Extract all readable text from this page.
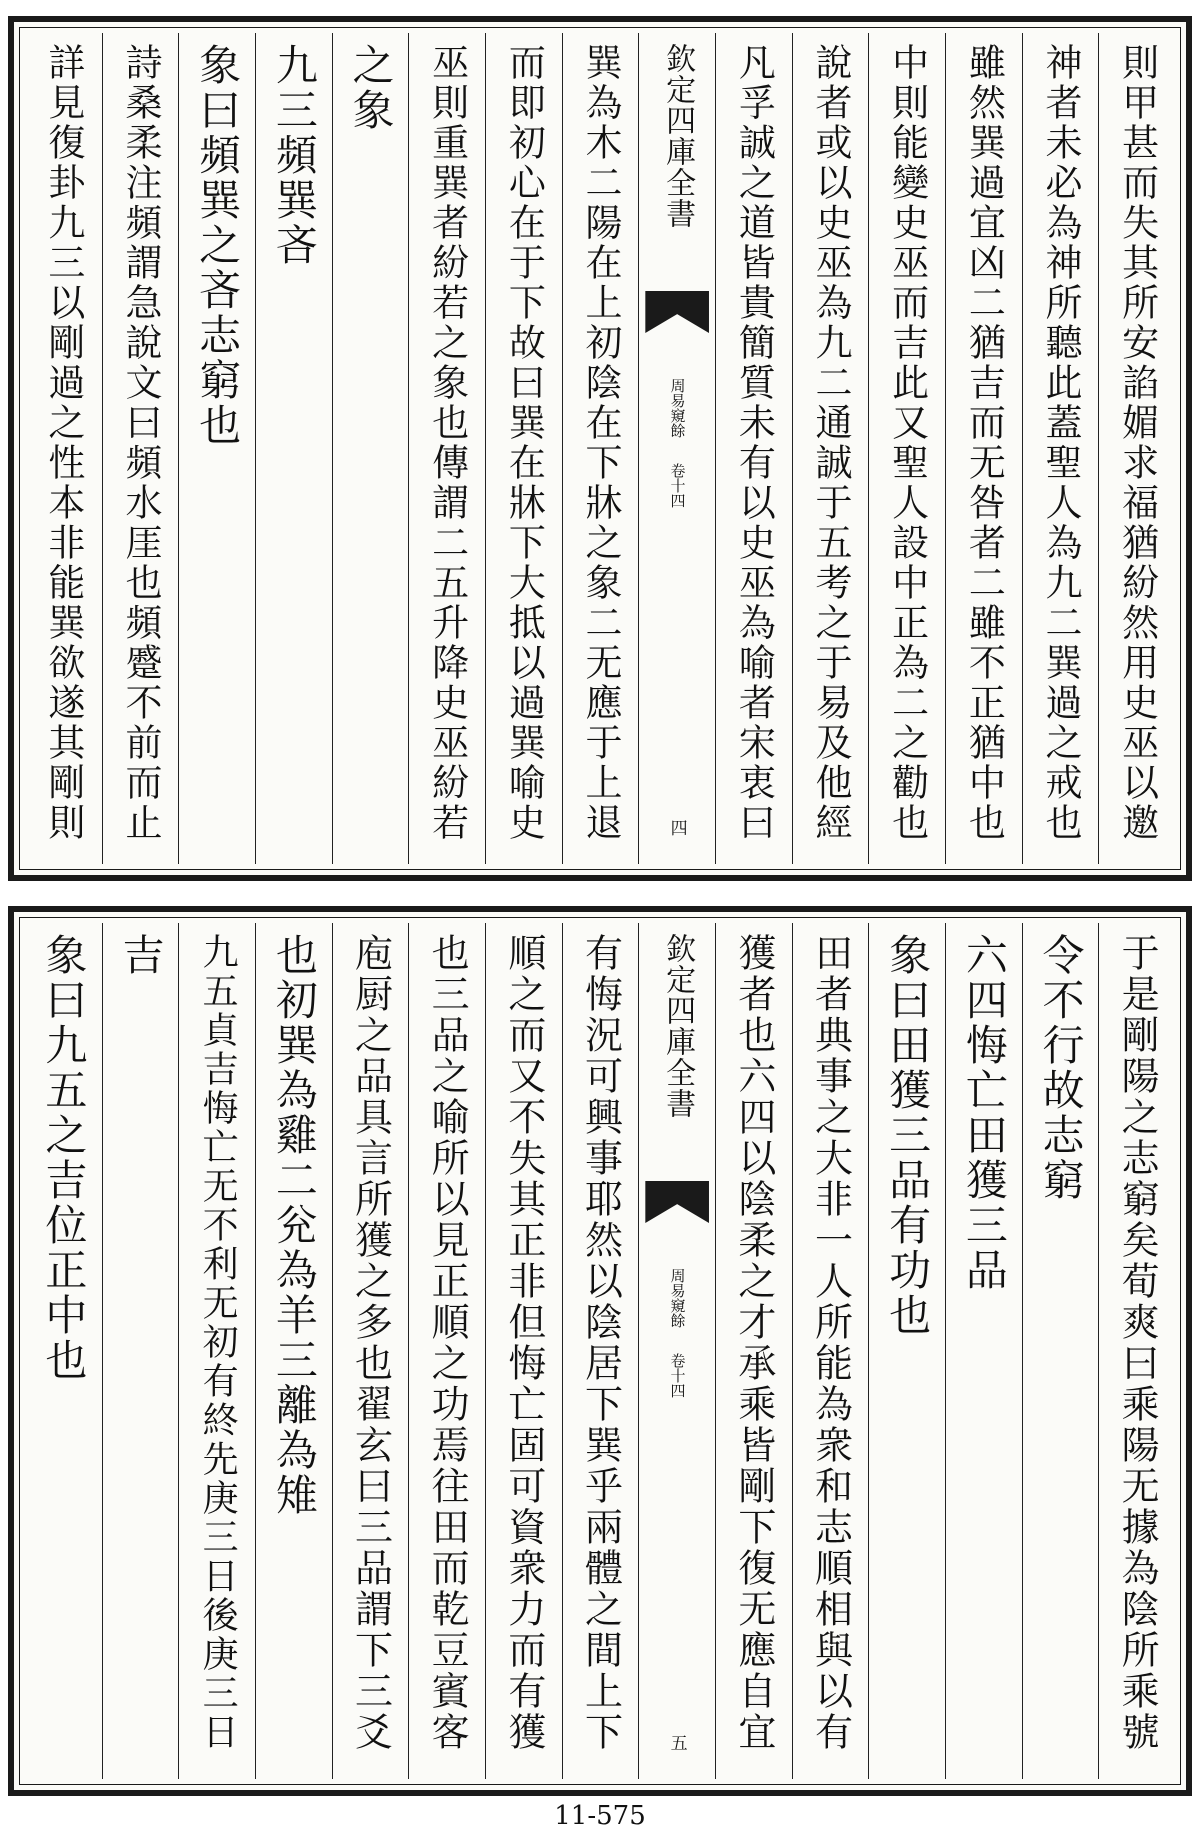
詳見復卦九三以剛過之性本非能巽欲遂其剛則 詩桑柔注頻謂急說文曰頻水厓也頻蹙不前而止 象曰頻巽之吝志窮也 九三頻巽吝 之象 巫則重巽者紛若之象也傳謂二五升降史巫紛若 而即初心在于下故曰巽在牀下大抵以過巽喻史 巽為木二陽在上初陰在下牀之象二无應于上退 欽定四庫全書
周易窺餘
卷十四
四 凡孚誠之道皆貴簡質未有以史巫為喻者宋衷曰 說者或以史巫為九二通誠于五考之于易及他經 中則能變史巫而吉此又聖人設中正為二之勸也 雖然巽過宜凶二猶吉而无咎者二雖不正猶中也 神者未必為神所聽此蓋聖人為九二巽過之戒也 則甲甚而失其所安諂媚求福猶紛然用史巫以邀
象曰九五之吉位正中也 吉 九五貞吉悔亡无不利无初有終先庚三日後庚三日 也初巽為雞二兊為羊三離為雉 庖厨之品具言所獲之多也翟玄曰三品謂下三爻 也三品之喻所以見正順之功焉往田而乾豆賓客 順之而又不失其正非但悔亡固可資衆力而有獲 有悔況可興事耶然以陰居下巽乎兩體之間上下 欽定四庫全書
周易窺餘
卷十四
五 獲者也六四以陰柔之才承乘皆剛下復无應自宜 田者典事之大非一人所能為衆和志順相與以有 象曰田獲三品有功也 六四悔亡田獲三品 令不行故志窮 于是剛陽之志窮矣荀爽曰乘陽无據為陰所乘號
11-575
